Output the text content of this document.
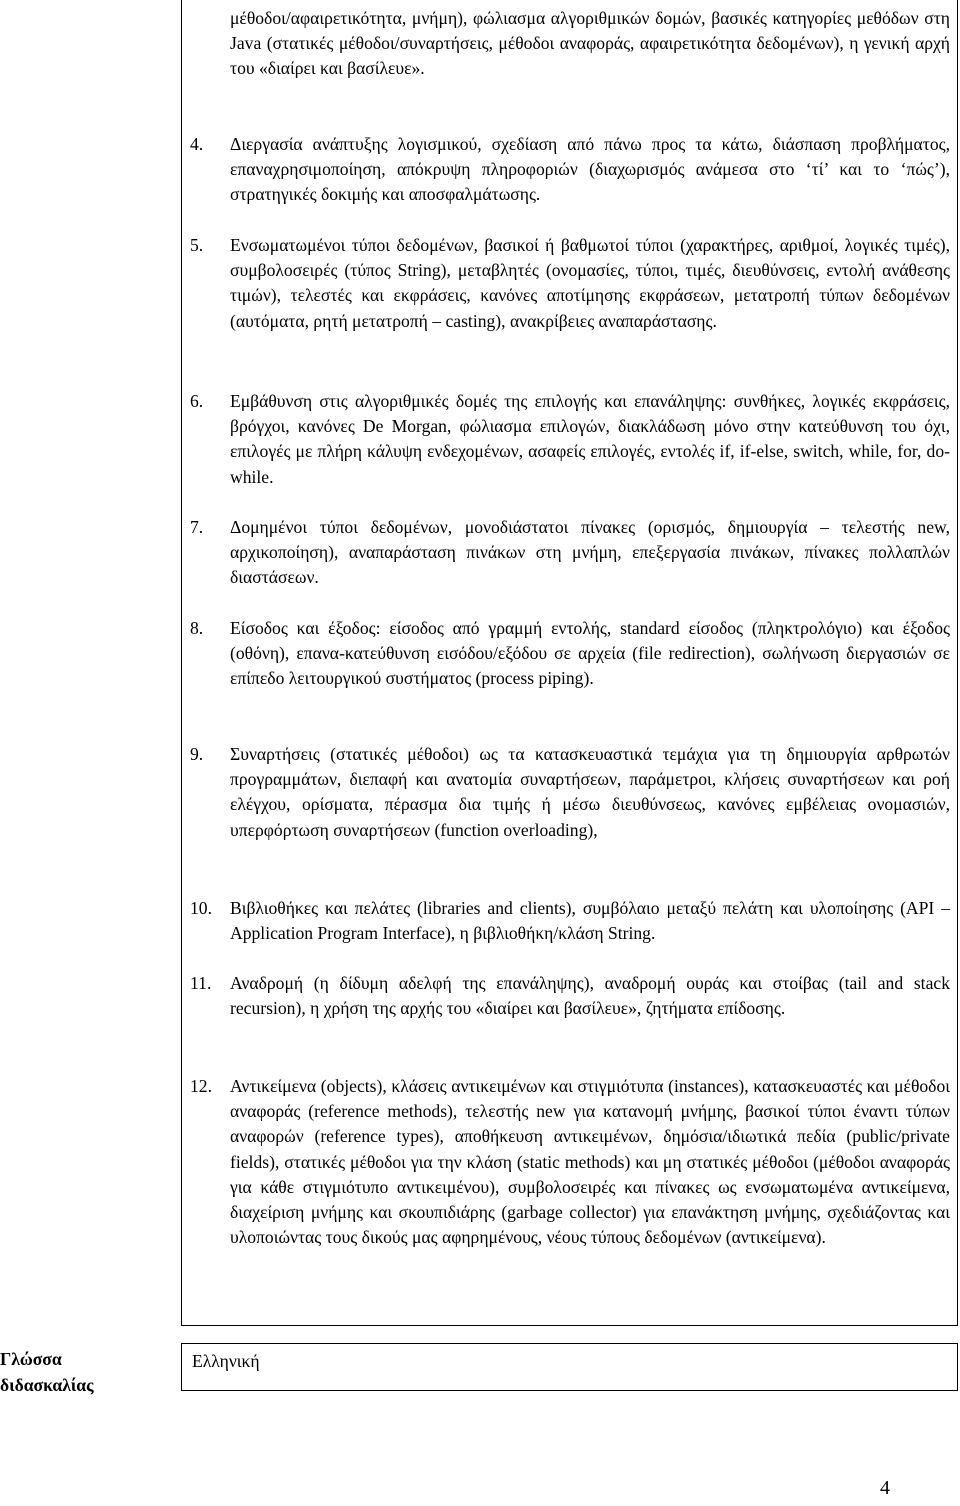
μέθοδοι/αφαιρετικότητα, μνήμη), φώλιασμα αλγοριθμικών δομών, βασικές κατηγορίες μεθόδων στη Java (στατικές μέθοδοι/συναρτήσεις, μέθοδοι αναφοράς, αφαιρετικότητα δεδομένων), η γενική αρχή του «διαίρει και βασίλευε».

4.	Διεργασία ανάπτυξης λογισμικού, σχεδίαση από πάνω προς τα κάτω, διάσπαση προβλήματος, επαναχρησιμοποίηση, απόκρυψη πληροφοριών (διαχωρισμός ανάμεσα στο ‘τί’ και το ‘πώς’), στρατηγικές δοκιμής και αποσφαλμάτωσης.
5.	Ενσωματωμένοι τύποι δεδομένων, βασικοί ή βαθμωτοί τύποι (χαρακτήρες, αριθμοί, λογικές τιμές), συμβολοσειρές (τύπος String), μεταβλητές (ονομασίες, τύποι, τιμές, διευθύνσεις, εντολή ανάθεσης τιμών), τελεστές και εκφράσεις, κανόνες αποτίμησης εκφράσεων, μετατροπή τύπων δεδομένων (αυτόματα, ρητή μετατροπή – casting), ανακρίβειες αναπαράστασης.
6.	Εμβάθυνση στις αλγοριθμικές δομές της επιλογής και επανάληψης: συνθήκες, λογικές εκφράσεις, βρόγχοι, κανόνες De Morgan, φώλιασμα επιλογών, διακλάδωση μόνο στην κατεύθυνση του όχι, επιλογές με πλήρη κάλυψη ενδεχομένων, ασαφείς επιλογές, εντολές if, if-else, switch, while, for, do-while.
7.	Δομημένοι τύποι δεδομένων, μονοδιάστατοι πίνακες (ορισμός, δημιουργία – τελεστής new, αρχικοποίηση), αναπαράσταση πινάκων στη μνήμη, επεξεργασία πινάκων, πίνακες πολλαπλών διαστάσεων.
8.	Είσοδος και έξοδος: είσοδος από γραμμή εντολής, standard είσοδος (πληκτρολόγιο) και έξοδος (οθόνη), επανα-κατεύθυνση εισόδου/εξόδου σε αρχεία (file redirection), σωλήνωση διεργασιών σε επίπεδο λειτουργικού συστήματος (process piping).
9.	Συναρτήσεις (στατικές μέθοδοι) ως τα κατασκευαστικά τεμάχια για τη δημιουργία αρθρωτών προγραμμάτων, διεπαφή και ανατομία συναρτήσεων, παράμετροι, κλήσεις συναρτήσεων και ροή ελέγχου, ορίσματα, πέρασμα δια τιμής ή μέσω διευθύνσεως, κανόνες εμβέλειας ονομασιών, υπερφόρτωση συναρτήσεων (function overloading),
10.	Βιβλιοθήκες και πελάτες (libraries and clients), συμβόλαιο μεταξύ πελάτη και υλοποίησης (API – Application Program Interface), η βιβλιοθήκη/κλάση String.
11.	Αναδρομή (η δίδυμη αδελφή της επανάληψης), αναδρομή ουράς και στοίβας (tail and stack recursion), η χρήση της αρχής του «διαίρει και βασίλευε», ζητήματα επίδοσης.
12.	Αντικείμενα (objects), κλάσεις αντικειμένων και στιγμιότυπα (instances), κατασκευαστές και μέθοδοι αναφοράς (reference methods), τελεστής new για κατανομή μνήμης, βασικοί τύποι έναντι τύπων αναφορών (reference types), αποθήκευση αντικειμένων, δημόσια/ιδιωτικά πεδία (public/private fields), στατικές μέθοδοι για την κλάση (static methods) και μη στατικές μέθοδοι (μέθοδοι αναφοράς για κάθε στιγμιότυπο αντικειμένου), συμβολοσειρές και πίνακες ως ενσωματωμένα αντικείμενα, διαχείριση μνήμης και σκουπιδιάρης (garbage collector) για επανάκτηση μνήμης, σχεδιάζοντας και υλοποιώντας τους δικούς μας αφηρημένους, νέους τύπους δεδομένων (αντικείμενα).
Γλώσσα διδασκαλίας
Ελληνική
4
